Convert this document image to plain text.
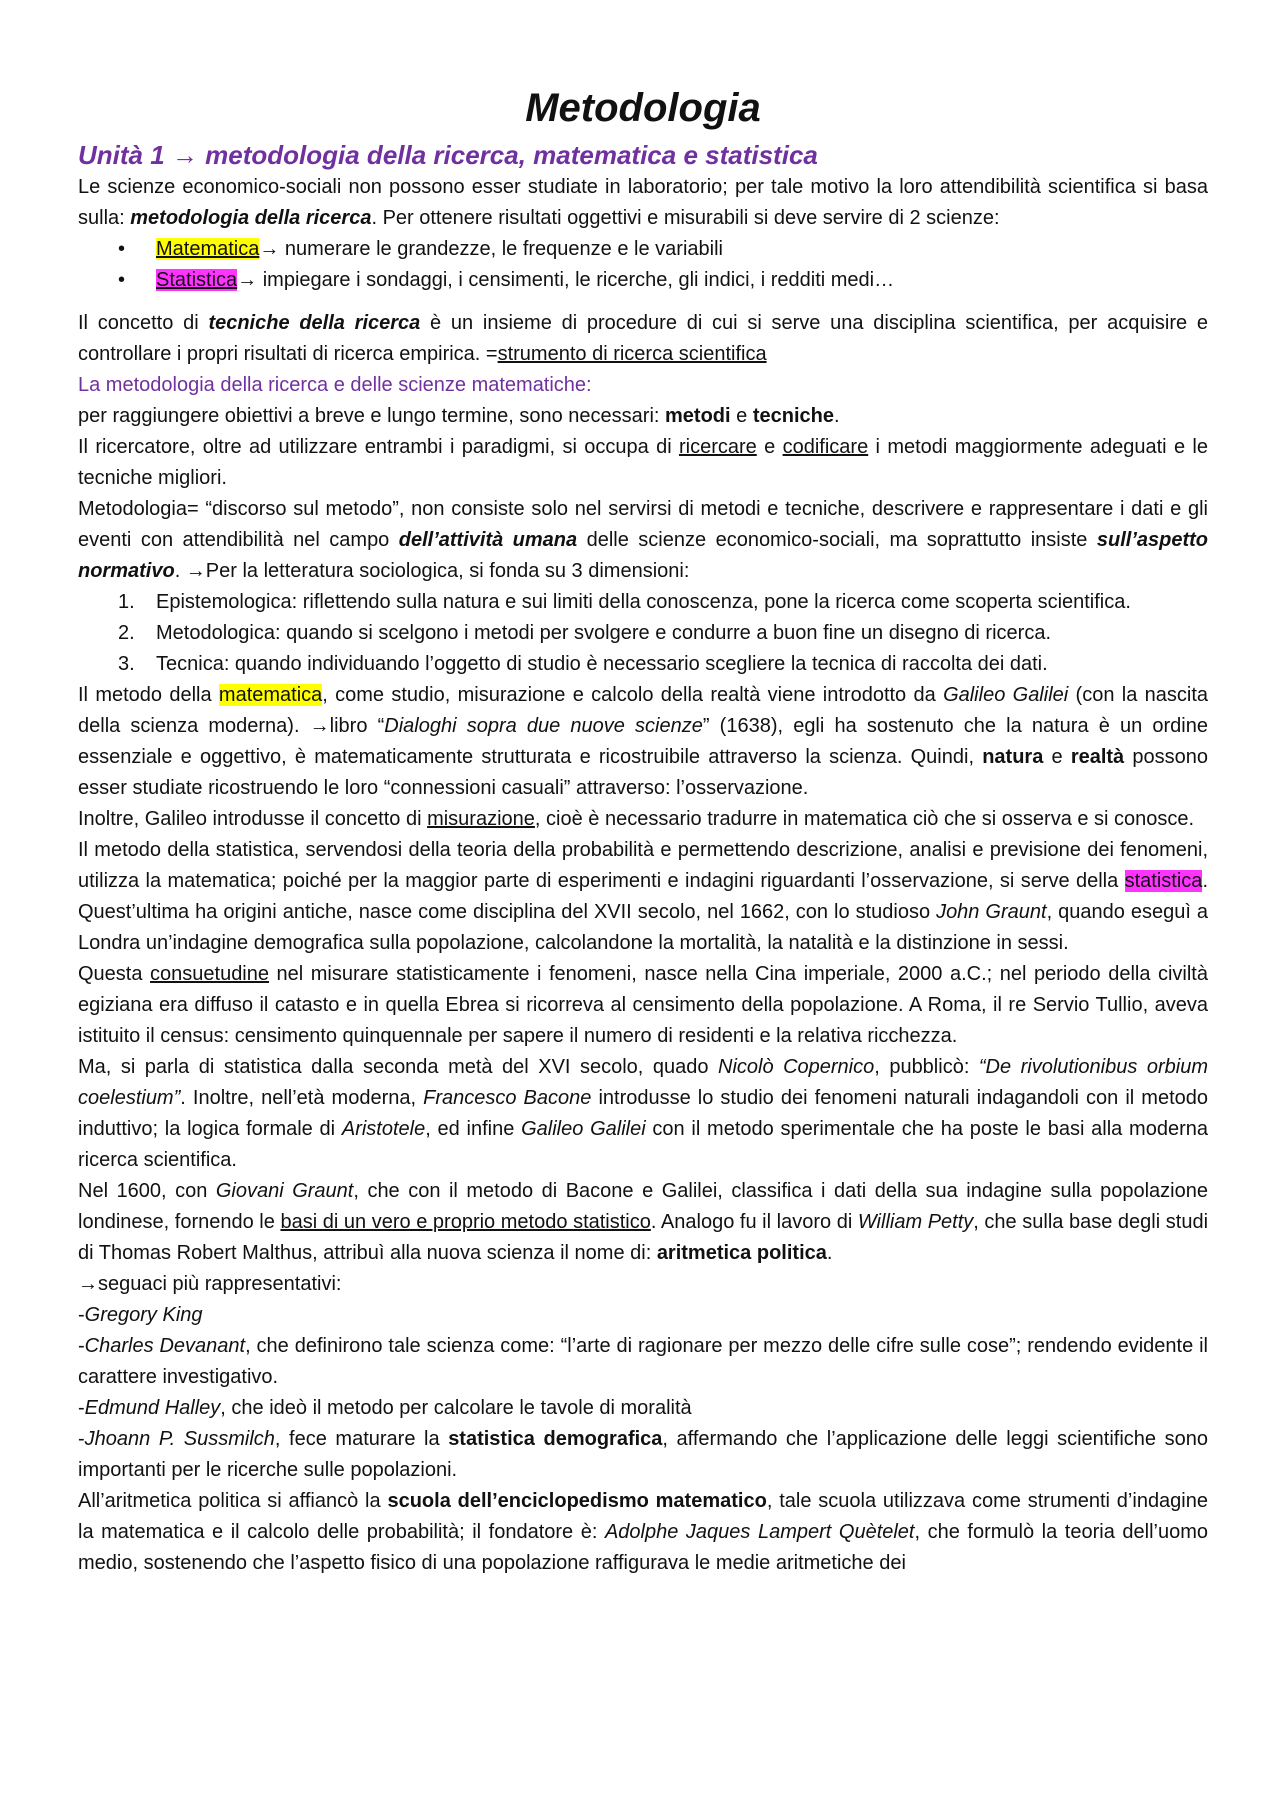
Metodologia
Unità 1 → metodologia della ricerca, matematica e statistica

Le scienze economico-sociali non possono esser studiate in laboratorio; per tale motivo la loro attendibilità scientifica si basa sulla: metodologia della ricerca. Per ottenere risultati oggettivi e misurabili si deve servire di 2 scienze:

• Matematica→ numerare le grandezze, le frequenze e le variabili
• Statistica→ impiegare i sondaggi, i censimenti, le ricerche, gli indici, i redditi medi…

Il concetto di tecniche della ricerca è un insieme di procedure di cui si serve una disciplina scientifica, per acquisire e controllare i propri risultati di ricerca empirica. =strumento di ricerca scientifica

La metodologia della ricerca e delle scienze matematiche:

per raggiungere obiettivi a breve e lungo termine, sono necessari: metodi e tecniche.

Il ricercatore, oltre ad utilizzare entrambi i paradigmi, si occupa di ricercare e codificare i metodi maggiormente adeguati e le tecniche migliori.

Metodologia= “discorso sul metodo”, non consiste solo nel servirsi di metodi e tecniche, descrivere e rappresentare i dati e gli eventi con attendibilità nel campo dell’attività umana delle scienze economico-sociali, ma soprattutto insiste sull’aspetto normativo. →Per la letteratura sociologica, si fonda su 3 dimensioni:

1. Epistemologica: riflettendo sulla natura e sui limiti della conoscenza, pone la ricerca come scoperta scientifica.
2. Metodologica: quando si scelgono i metodi per svolgere e condurre a buon fine un disegno di ricerca.
3. Tecnica: quando individuando l’oggetto di studio è necessario scegliere la tecnica di raccolta dei dati.

Il metodo della matematica, come studio, misurazione e calcolo della realtà viene introdotto da Galileo Galilei (con la nascita della scienza moderna). →libro “Dialoghi sopra due nuove scienze” (1638), egli ha sostenuto che la natura è un ordine essenziale e oggettivo, è matematicamente strutturata e ricostruibile attraverso la scienza. Quindi, natura e realtà possono esser studiate ricostruendo le loro “connessioni casuali” attraverso: l’osservazione.

Inoltre, Galileo introdusse il concetto di misurazione, cioè è necessario tradurre in matematica ciò che si osserva e si conosce.

Il metodo della statistica, servendosi della teoria della probabilità e permettendo descrizione, analisi e previsione dei fenomeni, utilizza la matematica; poiché per la maggior parte di esperimenti e indagini riguardanti l’osservazione, si serve della statistica. Quest’ultima ha origini antiche, nasce come disciplina del XVII secolo, nel 1662, con lo studioso John Graunt, quando eseguì a Londra un’indagine demografica sulla popolazione, calcolandone la mortalità, la natalità e la distinzione in sessi.

Questa consuetudine nel misurare statisticamente i fenomeni, nasce nella Cina imperiale, 2000 a.C.; nel periodo della civiltà egiziana era diffuso il catasto e in quella Ebrea si ricorreva al censimento della popolazione. A Roma, il re Servio Tullio, aveva istituito il census: censimento quinquennale per sapere il numero di residenti e la relativa ricchezza.

Ma, si parla di statistica dalla seconda metà del XVI secolo, quado Nicolò Copernico, pubblicò: “De rivolutionibus orbium coelestium”. Inoltre, nell’età moderna, Francesco Bacone introdusse lo studio dei fenomeni naturali indagandoli con il metodo induttivo; la logica formale di Aristotele, ed infine Galileo Galilei con il metodo sperimentale che ha poste le basi alla moderna ricerca scientifica.

Nel 1600, con Giovani Graunt, che con il metodo di Bacone e Galilei, classifica i dati della sua indagine sulla popolazione londinese, fornendo le basi di un vero e proprio metodo statistico. Analogo fu il lavoro di William Petty, che sulla base degli studi di Thomas Robert Malthus, attribuì alla nuova scienza il nome di: aritmetica politica.

→seguaci più rappresentativi:

-Gregory King

-Charles Devanant, che definirono tale scienza come: “l’arte di ragionare per mezzo delle cifre sulle cose”; rendendo evidente il carattere investigativo.

-Edmund Halley, che ideò il metodo per calcolare le tavole di moralità

-Jhoann P. Sussmilch, fece maturare la statistica demografica, affermando che l’applicazione delle leggi scientifiche sono importanti per le ricerche sulle popolazioni.

All’aritmetica politica si affiancò la scuola dell’enciclopedismo matematico, tale scuola utilizzava come strumenti d’indagine la matematica e il calcolo delle probabilità; il fondatore è: Adolphe Jaques Lampert Quètelet, che formulò la teoria dell’uomo medio, sostenendo che l’aspetto fisico di una popolazione raffigurava le medie aritmetiche dei
